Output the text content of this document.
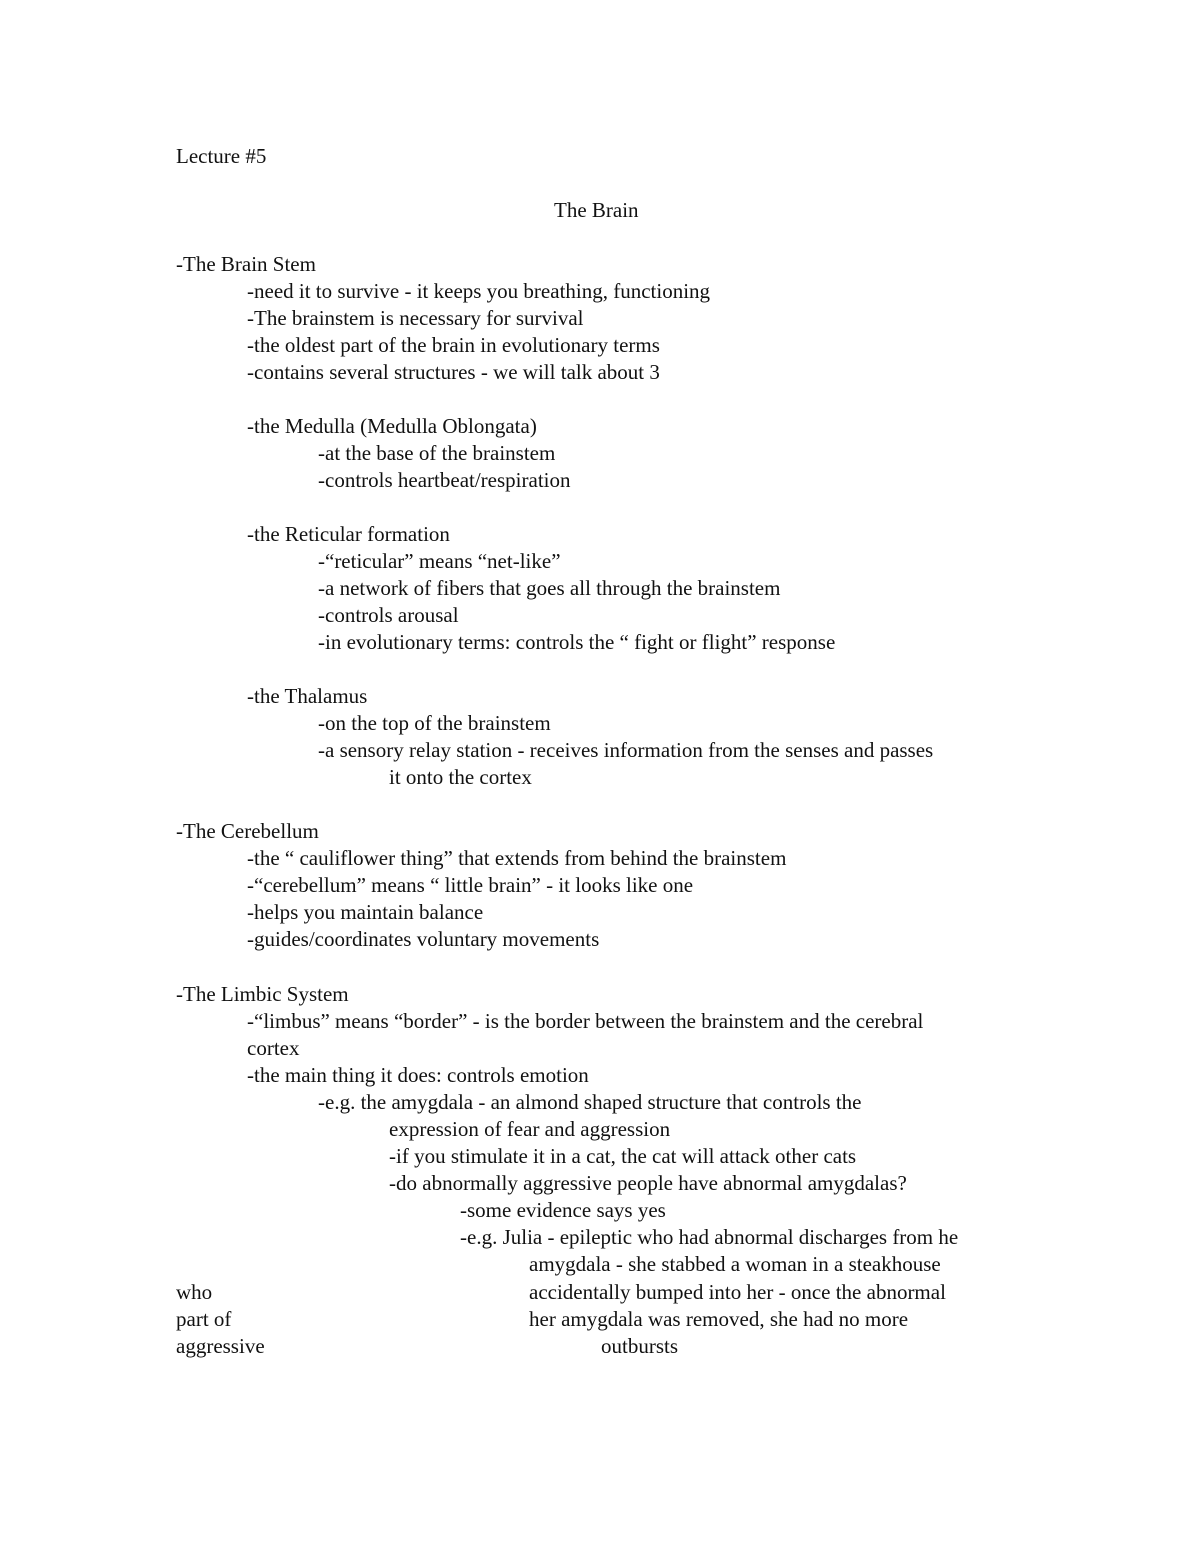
Lecture #5
The Brain
-The Brain Stem
-need it to survive - it keeps you breathing, functioning
-The brainstem is necessary for survival
-the oldest part of the brain in evolutionary terms
-contains several structures - we will talk about 3
-the Medulla (Medulla Oblongata)
-at the base of the brainstem
-controls heartbeat/respiration
-the Reticular formation
-“reticular” means “net-like”
-a network of fibers that goes all through the brainstem
-controls arousal
-in evolutionary terms: controls the “ fight or flight” response
-the Thalamus
-on the top of the brainstem
-a sensory relay station - receives information from the senses and passes
it onto the cortex
-The Cerebellum
-the “ cauliflower thing” that extends from behind the brainstem
-“cerebellum” means “ little brain” - it looks like one
-helps you maintain balance
-guides/coordinates voluntary movements
-The Limbic System
-“limbus” means “border” - is the border between the brainstem and the cerebral
cortex
-the main thing it does: controls emotion
-e.g. the amygdala - an almond shaped structure that controls the
expression of fear and aggression
-if you stimulate it in a cat, the cat will attack other cats
-do abnormally aggressive people have abnormal amygdalas?
-some evidence says yes
-e.g. Julia - epileptic who had abnormal discharges from he
amygdala - she stabbed a woman in a steakhouse
who	accidentally bumped into her - once the abnormal
part of	her amygdala was removed, she had no more
aggressive	outbursts
